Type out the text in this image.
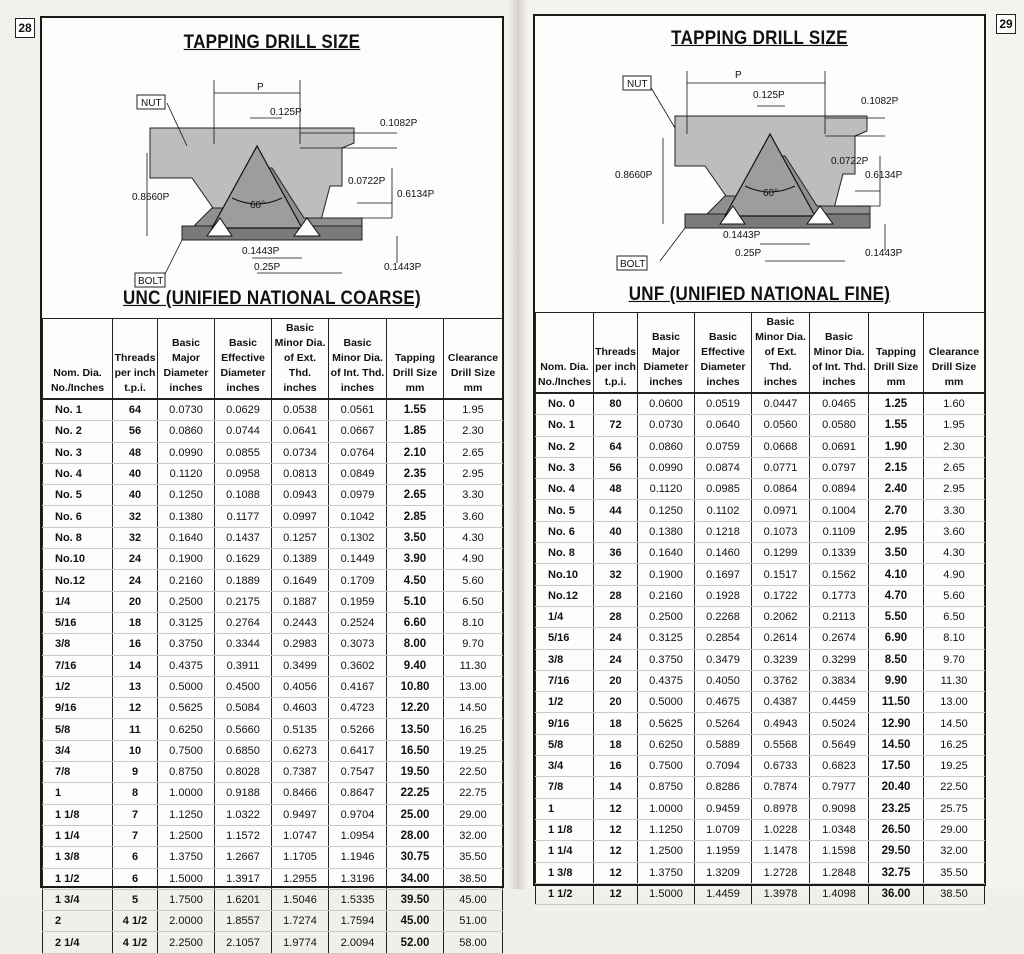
28	29
TAPPING DRILL SIZE
NUT
BOLT
P
0.125P
0.1082P
0.8660P
0.0722P
0.6134P
60°
0.1443P
0.25P	0.1443P
UNC (UNIFIED NATIONAL COARSE)
Nom. Dia. No./Inches	Threads per inch t.p.i.	Basic Major Diameter inches	Basic Effective Diameter inches	Basic Minor Dia. of Ext. Thd. inches	Basic Minor Dia. of Int. Thd. inches	Tapping Drill Size mm	Clearance Drill Size mm
No. 1	64	0.0730	0.0629	0.0538	0.0561	1.55	1.95
No. 2	56	0.0860	0.0744	0.0641	0.0667	1.85	2.30
No. 3	48	0.0990	0.0855	0.0734	0.0764	2.10	2.65
No. 4	40	0.1120	0.0958	0.0813	0.0849	2.35	2.95
No. 5	40	0.1250	0.1088	0.0943	0.0979	2.65	3.30
No. 6	32	0.1380	0.1177	0.0997	0.1042	2.85	3.60
No. 8	32	0.1640	0.1437	0.1257	0.1302	3.50	4.30
No.10	24	0.1900	0.1629	0.1389	0.1449	3.90	4.90
No.12	24	0.2160	0.1889	0.1649	0.1709	4.50	5.60
1/4	20	0.2500	0.2175	0.1887	0.1959	5.10	6.50
5/16	18	0.3125	0.2764	0.2443	0.2524	6.60	8.10
3/8	16	0.3750	0.3344	0.2983	0.3073	8.00	9.70
7/16	14	0.4375	0.3911	0.3499	0.3602	9.40	11.30
1/2	13	0.5000	0.4500	0.4056	0.4167	10.80	13.00
9/16	12	0.5625	0.5084	0.4603	0.4723	12.20	14.50
5/8	11	0.6250	0.5660	0.5135	0.5266	13.50	16.25
3/4	10	0.7500	0.6850	0.6273	0.6417	16.50	19.25
7/8	9	0.8750	0.8028	0.7387	0.7547	19.50	22.50
1	8	1.0000	0.9188	0.8466	0.8647	22.25	22.75
1 1/8	7	1.1250	1.0322	0.9497	0.9704	25.00	29.00
1 1/4	7	1.2500	1.1572	1.0747	1.0954	28.00	32.00
1 3/8	6	1.3750	1.2667	1.1705	1.1946	30.75	35.50
1 1/2	6	1.5000	1.3917	1.2955	1.3196	34.00	38.50
1 3/4	5	1.7500	1.6201	1.5046	1.5335	39.50	45.00
2	4 1/2	2.0000	1.8557	1.7274	1.7594	45.00	51.00
2 1/4	4 1/2	2.2500	2.1057	1.9774	2.0094	52.00	58.00
TAPPING DRILL SIZE
NUT
BOLT
P
0.125P
0.1082P
0.8660P
0.0722P
0.6134P
60°
0.1443P
0.25P	0.1443P
UNF (UNIFIED NATIONAL FINE)
Nom. Dia. No./Inches	Threads per inch t.p.i.	Basic Major Diameter inches	Basic Effective Diameter inches	Basic Minor Dia. of Ext. Thd. inches	Basic Minor Dia. of Int. Thd. inches	Tapping Drill Size mm	Clearance Drill Size mm
No. 0	80	0.0600	0.0519	0.0447	0.0465	1.25	1.60
No. 1	72	0.0730	0.0640	0.0560	0.0580	1.55	1.95
No. 2	64	0.0860	0.0759	0.0668	0.0691	1.90	2.30
No. 3	56	0.0990	0.0874	0.0771	0.0797	2.15	2.65
No. 4	48	0.1120	0.0985	0.0864	0.0894	2.40	2.95
No. 5	44	0.1250	0.1102	0.0971	0.1004	2.70	3.30
No. 6	40	0.1380	0.1218	0.1073	0.1109	2.95	3.60
No. 8	36	0.1640	0.1460	0.1299	0.1339	3.50	4.30
No.10	32	0.1900	0.1697	0.1517	0.1562	4.10	4.90
No.12	28	0.2160	0.1928	0.1722	0.1773	4.70	5.60
1/4	28	0.2500	0.2268	0.2062	0.2113	5.50	6.50
5/16	24	0.3125	0.2854	0.2614	0.2674	6.90	8.10
3/8	24	0.3750	0.3479	0.3239	0.3299	8.50	9.70
7/16	20	0.4375	0.4050	0.3762	0.3834	9.90	11.30
1/2	20	0.5000	0.4675	0.4387	0.4459	11.50	13.00
9/16	18	0.5625	0.5264	0.4943	0.5024	12.90	14.50
5/8	18	0.6250	0.5889	0.5568	0.5649	14.50	16.25
3/4	16	0.7500	0.7094	0.6733	0.6823	17.50	19.25
7/8	14	0.8750	0.8286	0.7874	0.7977	20.40	22.50
1	12	1.0000	0.9459	0.8978	0.9098	23.25	25.75
1 1/8	12	1.1250	1.0709	1.0228	1.0348	26.50	29.00
1 1/4	12	1.2500	1.1959	1.1478	1.1598	29.50	32.00
1 3/8	12	1.3750	1.3209	1.2728	1.2848	32.75	35.50
1 1/2	12	1.5000	1.4459	1.3978	1.4098	36.00	38.50
